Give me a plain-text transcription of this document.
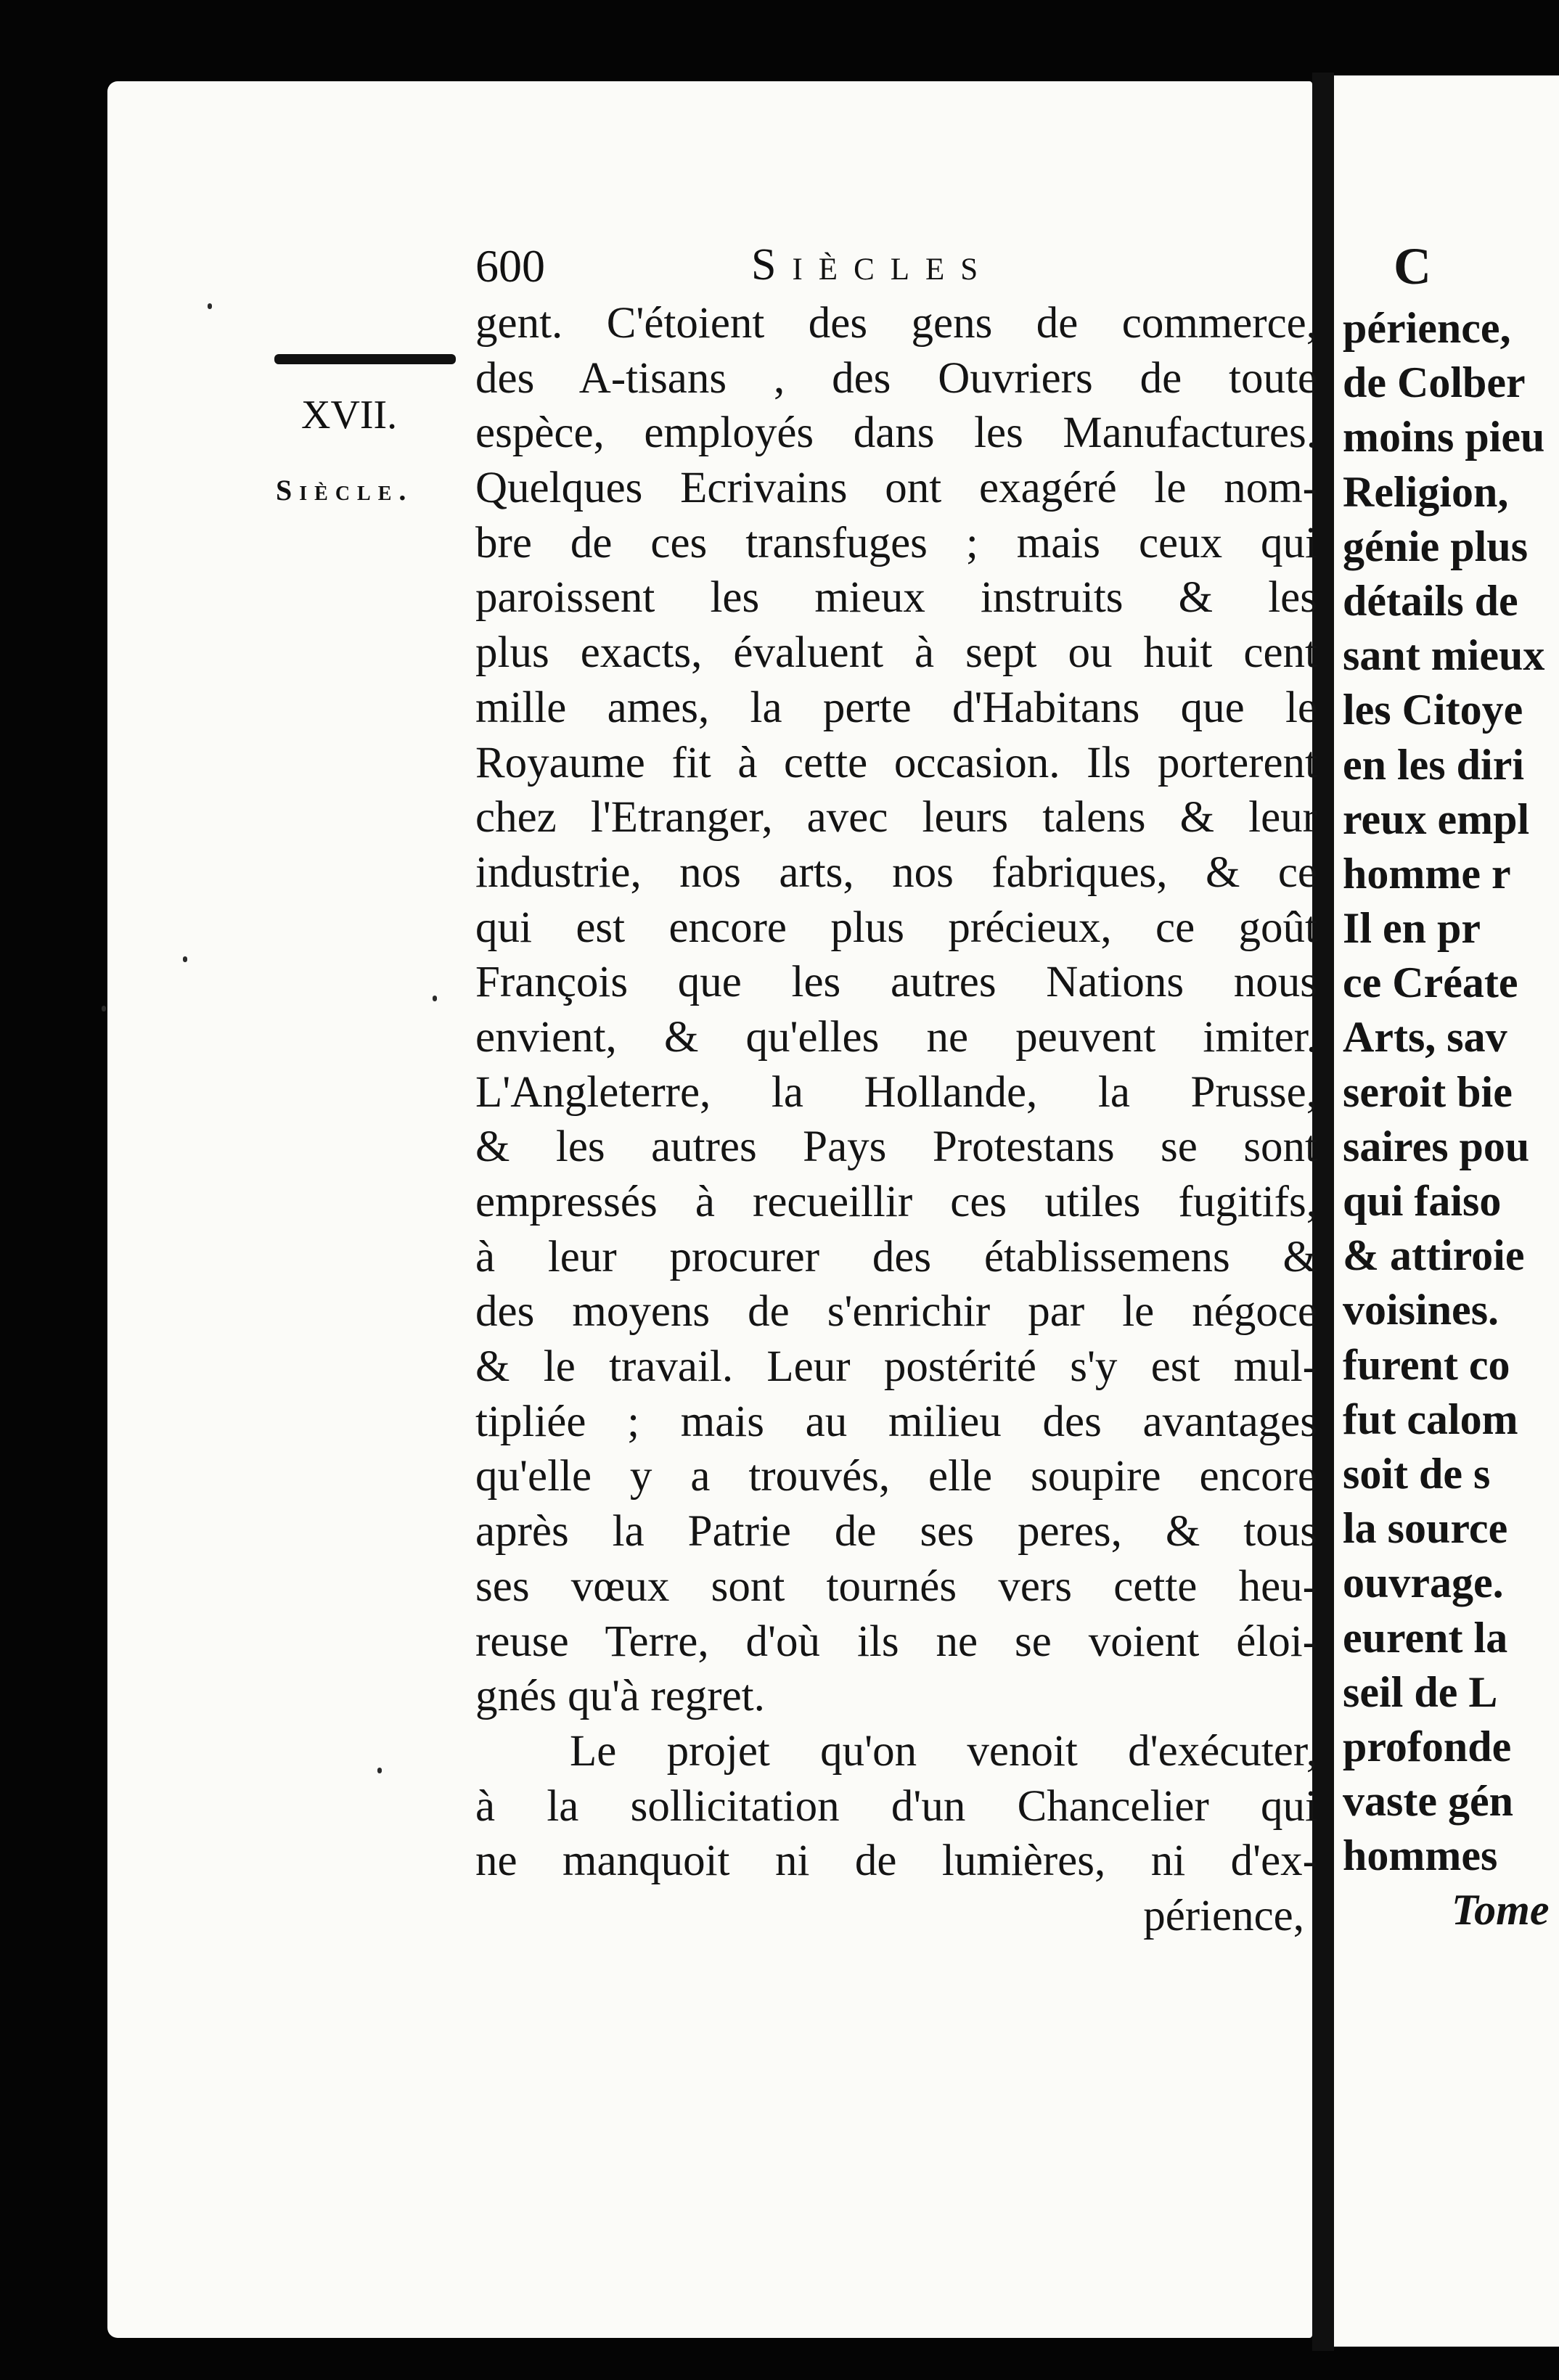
600	Siècles
XVII.
Siècle.
gent. C'étoient des gens de commerce,
des A-tisans , des Ouvriers de toute
espèce, employés dans les Manufactures.
Quelques Ecrivains ont exagéré le nom-
bre de ces transfuges ; mais ceux qui
paroissent les mieux instruits & les
plus exacts, évaluent à sept ou huit cent
mille ames, la perte d'Habitans que le
Royaume fit à cette occasion. Ils porterent
chez l'Etranger, avec leurs talens & leur
industrie, nos arts, nos fabriques, & ce
qui est encore plus précieux, ce goût
François que les autres Nations nous
envient, & qu'elles ne peuvent imiter.
L'Angleterre, la Hollande, la Prusse,
& les autres Pays Protestans se sont
empressés à recueillir ces utiles fugitifs,
à leur procurer des établissemens &
des moyens de s'enrichir par le négoce
& le travail. Leur postérité s'y est mul-
tipliée ; mais au milieu des avantages
qu'elle y a trouvés, elle soupire encore
après la Patrie de ses peres, & tous
ses vœux sont tournés vers cette heu-
reuse Terre, d'où ils ne se voient éloi-
gnés qu'à regret.
Le projet qu'on venoit d'exécuter,
à la sollicitation d'un Chancelier qui
ne manquoit ni de lumières, ni d'ex-
périence,
C
périence,
de Colber
moins pieu
Religion,
génie plus
détails de
sant mieux
les Citoye
en les diri
reux empl
homme r
Il en pr
ce Créate
Arts, sav
seroit bie
saires pou
qui faiso
& attiroie
voisines.
furent co
fut calom
soit de s
la source
ouvrage.
eurent la
seil de L
profonde
vaste gén
hommes
Tome
